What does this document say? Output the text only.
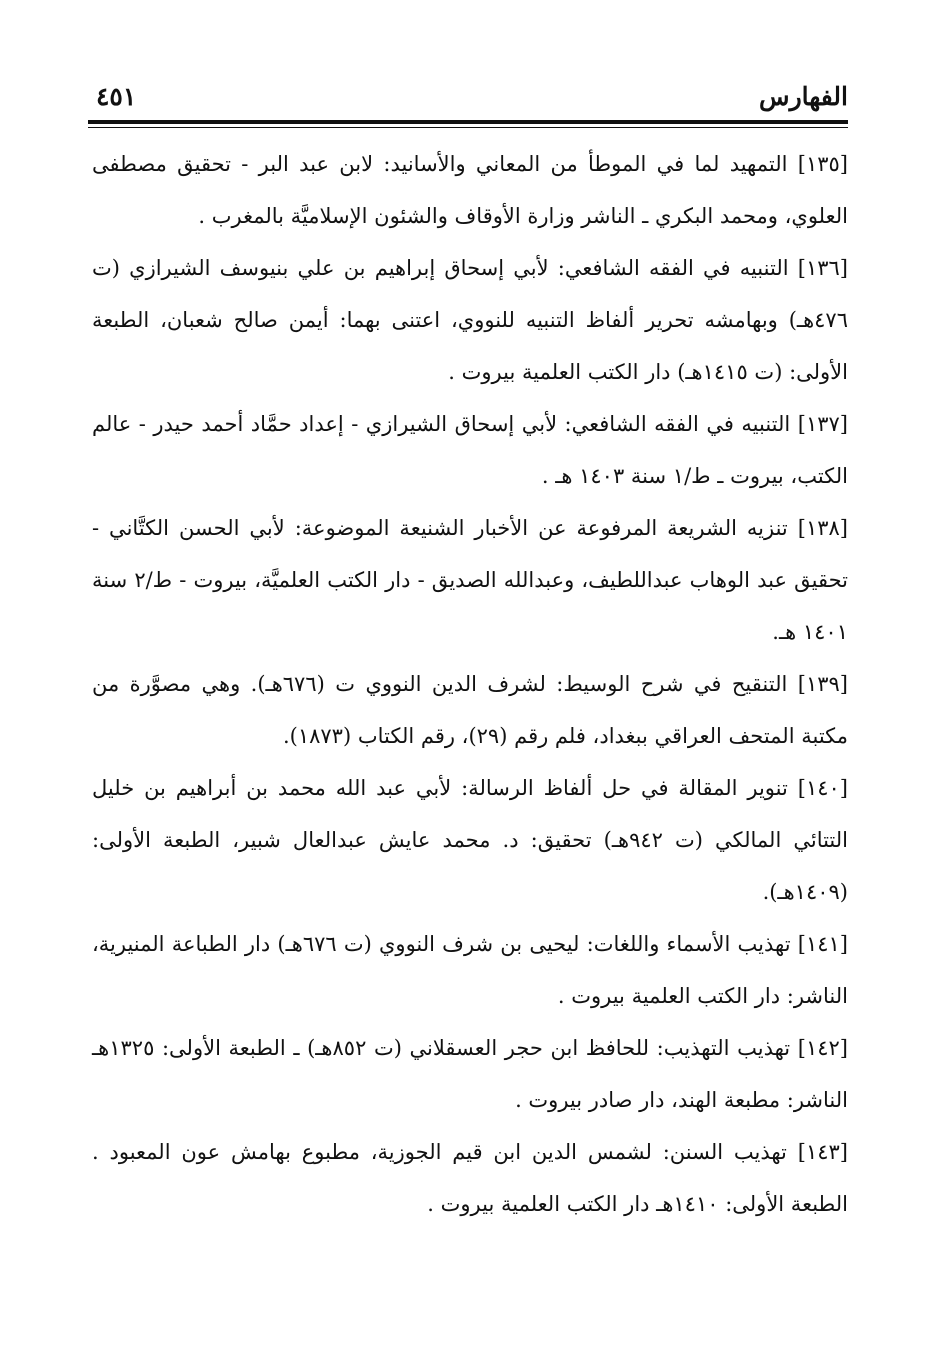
الفهارس
٤٥١

[١٣٥] التمهيد لما في الموطأ من المعاني والأسانيد: لابن عبد البر - تحقيق مصطفى العلوي، ومحمد البكري ـ الناشر وزارة الأوقاف والشئون الإسلاميَّة بالمغرب .

[١٣٦] التنبيه في الفقه الشافعي: لأبي إسحاق إبراهيم بن علي بنيوسف الشيرازي (ت ٤٧٦هـ) وبهامشه تحرير ألفاظ التنبيه للنووي، اعتنى بهما: أيمن صالح شعبان، الطبعة الأولى: (ت ١٤١٥هـ) دار الكتب العلمية بيروت .

[١٣٧] التنبيه في الفقه الشافعي: لأبي إسحاق الشيرازي - إعداد حمَّاد أحمد حيدر - عالم الكتب، بيروت ـ ط/١ سنة ١٤٠٣ هـ .

[١٣٨] تنزيه الشريعة المرفوعة عن الأخبار الشنيعة الموضوعة: لأبي الحسن الكتَّاني - تحقيق عبد الوهاب عبداللطيف، وعبدالله الصديق - دار الكتب العلميَّة، بيروت - ط/٢ سنة ١٤٠١ هـ.

[١٣٩] التنقيح في شرح الوسيط: لشرف الدين النووي ت (٦٧٦هـ). وهي مصوَّرة من مكتبة المتحف العراقي ببغداد، فلم رقم (٢٩)، رقم الكتاب (١٨٧٣).

[١٤٠] تنوير المقالة في حل ألفاظ الرسالة: لأبي عبد الله محمد بن أبراهيم بن خليل التتائي المالكي (ت ٩٤٢هـ) تحقيق: د. محمد عايش عبدالعال شبير، الطبعة الأولى: (١٤٠٩هـ).

[١٤١] تهذيب الأسماء واللغات: ليحيى بن شرف النووي (ت ٦٧٦هـ) دار الطباعة المنيرية، الناشر: دار الكتب العلمية بيروت .

[١٤٢] تهذيب التهذيب: للحافظ ابن حجر العسقلاني (ت ٨٥٢هـ) ـ الطبعة الأولى: ١٣٢٥هـ الناشر: مطبعة الهند، دار صادر بيروت .

[١٤٣] تهذيب السنن: لشمس الدين ابن قيم الجوزية، مطبوع بهامش عون المعبود . الطبعة الأولى: ١٤١٠هـ دار الكتب العلمية بيروت .
